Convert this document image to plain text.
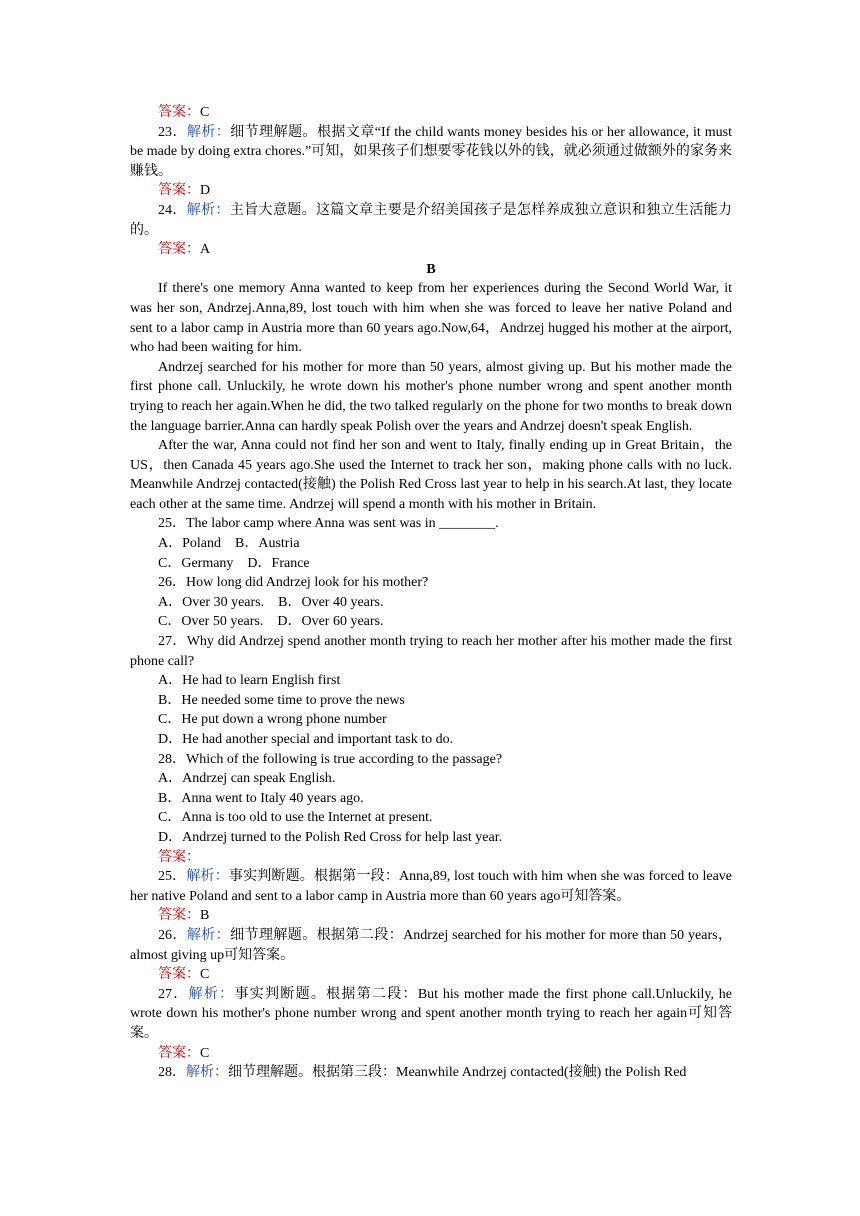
答案：C

23．解析：细节理解题。根据文章“If the child wants money besides his or her allowance, it must be made by doing extra chores.”可知，如果孩子们想要零花钱以外的钱，就必须通过做额外的家务来赚钱。

答案：D

24．解析：主旨大意题。这篇文章主要是介绍美国孩子是怎样养成独立意识和独立生活能力的。

答案：A

B

If there's one memory Anna wanted to keep from her experiences during the Second World War, it was her son, Andrzej.Anna,89, lost touch with him when she was forced to leave her native Poland and sent to a labor camp in Austria more than 60 years ago.Now,64，Andrzej hugged his mother at the airport, who had been waiting for him.

Andrzej searched for his mother for more than 50 years, almost giving up. But his mother made the first phone call. Unluckily, he wrote down his mother's phone number wrong and spent another month trying to reach her again.When he did, the two talked regularly on the phone for two months to break down the language barrier.Anna can hardly speak Polish over the years and Andrzej doesn't speak English.

After the war, Anna could not find her son and went to Italy, finally ending up in Great Britain，the US，then Canada 45 years ago.She used the Internet to track her son，making phone calls with no luck. Meanwhile Andrzej contacted(接触) the Polish Red Cross last year to help in his search.At last, they locate each other at the same time. Andrzej will spend a month with his mother in Britain.

25．The labor camp where Anna was sent was in ________.

A．Poland　B．Austria

C．Germany　D．France

26．How long did Andrzej look for his mother?

A．Over 30 years.　B．Over 40 years.

C．Over 50 years.　D．Over 60 years.

27．Why did Andrzej spend another month trying to reach her mother after his mother made the first phone call?

A．He had to learn English first

B．He needed some time to prove the news

C．He put down a wrong phone number

D．He had another special and important task to do.

28．Which of the following is true according to the passage?

A．Andrzej can speak English.

B．Anna went to Italy 40 years ago.

C．Anna is too old to use the Internet at present.

D．Andrzej turned to the Polish Red Cross for help last year.

答案：

25．解析：事实判断题。根据第一段：Anna,89, lost touch with him when she was forced to leave her native Poland and sent to a labor camp in Austria more than 60 years ago可知答案。

答案：B

26．解析：细节理解题。根据第二段：Andrzej searched for his mother for more than 50 years，almost giving up可知答案。

答案：C

27．解析：事实判断题。根据第二段：But his mother made the first phone call.Unluckily, he wrote down his mother's phone number wrong and spent another month trying to reach her again可知答案。

答案：C

28．解析：细节理解题。根据第三段：Meanwhile Andrzej contacted(接触) the Polish Red
